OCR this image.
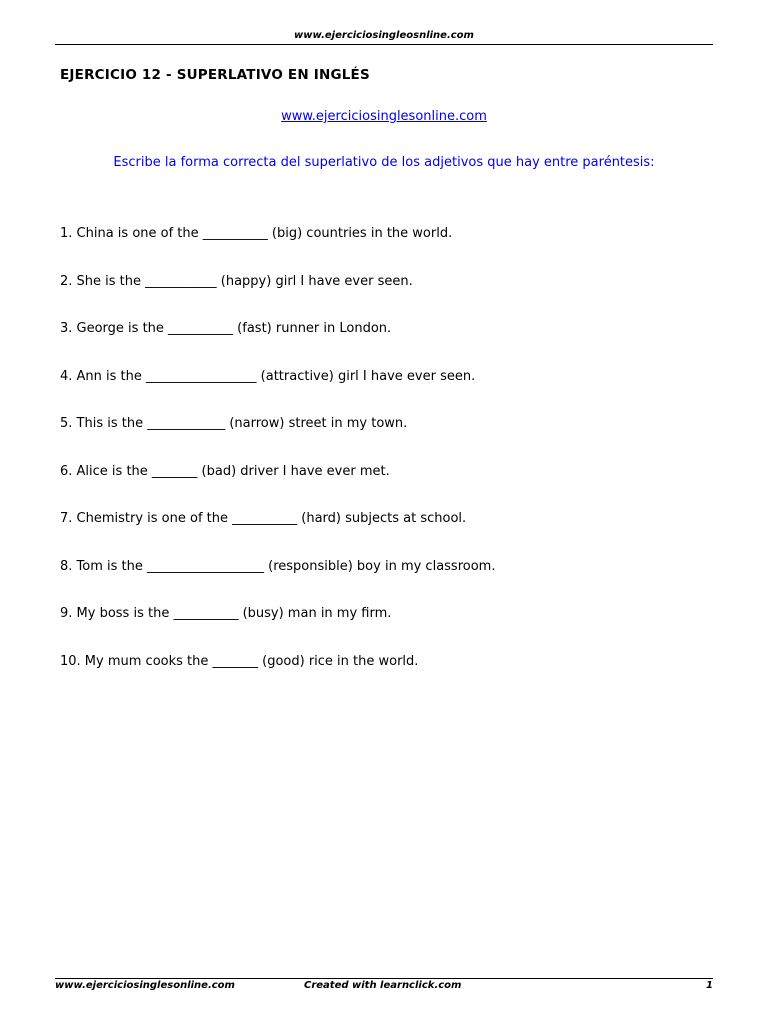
www.ejerciciosingleosnline.com
EJERCICIO 12 - SUPERLATIVO EN INGLÉS
www.ejerciciosinglesonline.com
Escribe la forma correcta del superlativo de los adjetivos que hay entre paréntesis:
1. China is one of the __________ (big) countries in the world.
2. She is the ___________ (happy) girl I have ever seen.
3. George is the __________ (fast) runner in London.
4. Ann is the _________________ (attractive) girl I have ever seen.
5. This is the ____________ (narrow) street in my town.
6. Alice is the _______ (bad) driver I have ever met.
7. Chemistry is one of the __________ (hard) subjects at school.
8. Tom is the __________________ (responsible) boy in my classroom.
9. My boss is the __________ (busy) man in my firm.
10. My mum cooks the _______ (good) rice in the world.
www.ejerciciosinglesonline.com	Created with learnclick.com	1
